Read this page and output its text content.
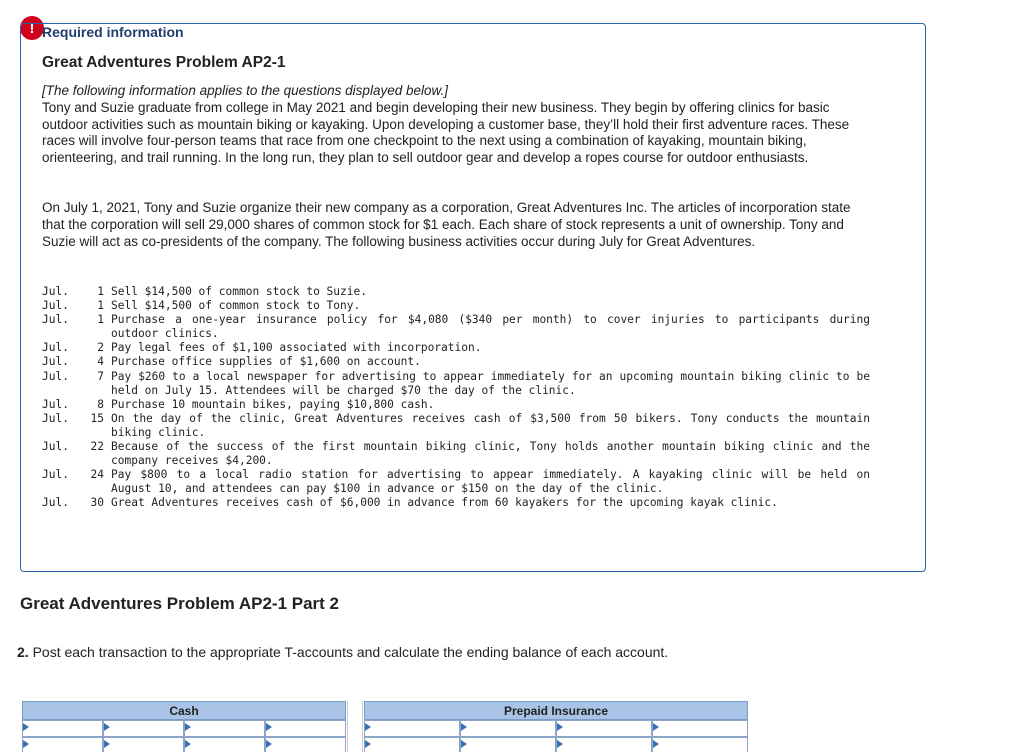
! Required information
Great Adventures Problem AP2-1

[The following information applies to the questions displayed below.]
Tony and Suzie graduate from college in May 2021 and begin developing their new business. They begin by offering clinics for basic outdoor activities such as mountain biking or kayaking. Upon developing a customer base, they’ll hold their first adventure races. These races will involve four-person teams that race from one checkpoint to the next using a combination of kayaking, mountain biking, orienteering, and trail running. In the long run, they plan to sell outdoor gear and develop a ropes course for outdoor enthusiasts.

On July 1, 2021, Tony and Suzie organize their new company as a corporation, Great Adventures Inc. The articles of incorporation state that the corporation will sell 29,000 shares of common stock for $1 each. Each share of stock represents a unit of ownership. Tony and Suzie will act as co-presidents of the company. The following business activities occur during July for Great Adventures.

Jul.	1 Sell $14,500 of common stock to Suzie.
Jul.	1 Sell $14,500 of common stock to Tony.
Jul.	1 Purchase a one-year insurance policy for $4,080 ($340 per month) to cover injuries to participants during outdoor clinics.
Jul.	2 Pay legal fees of $1,100 associated with incorporation.
Jul.	4 Purchase office supplies of $1,600 on account.
Jul.	7 Pay $260 to a local newspaper for advertising to appear immediately for an upcoming mountain biking clinic to be held on July 15. Attendees will be charged $70 the day of the clinic.
Jul.	8 Purchase 10 mountain bikes, paying $10,800 cash.
Jul.	15 On the day of the clinic, Great Adventures receives cash of $3,500 from 50 bikers. Tony conducts the mountain biking clinic.
Jul.	22 Because of the success of the first mountain biking clinic, Tony holds another mountain biking clinic and the company receives $4,200.
Jul.	24 Pay $800 to a local radio station for advertising to appear immediately. A kayaking clinic will be held on August 10, and attendees can pay $100 in advance or $150 on the day of the clinic.
Jul.	30 Great Adventures receives cash of $6,000 in advance from 60 kayakers for the upcoming kayak clinic.
Great Adventures Problem AP2-1 Part 2

2. Post each transaction to the appropriate T-accounts and calculate the ending balance of each account.

Cash	Prepaid Insurance
